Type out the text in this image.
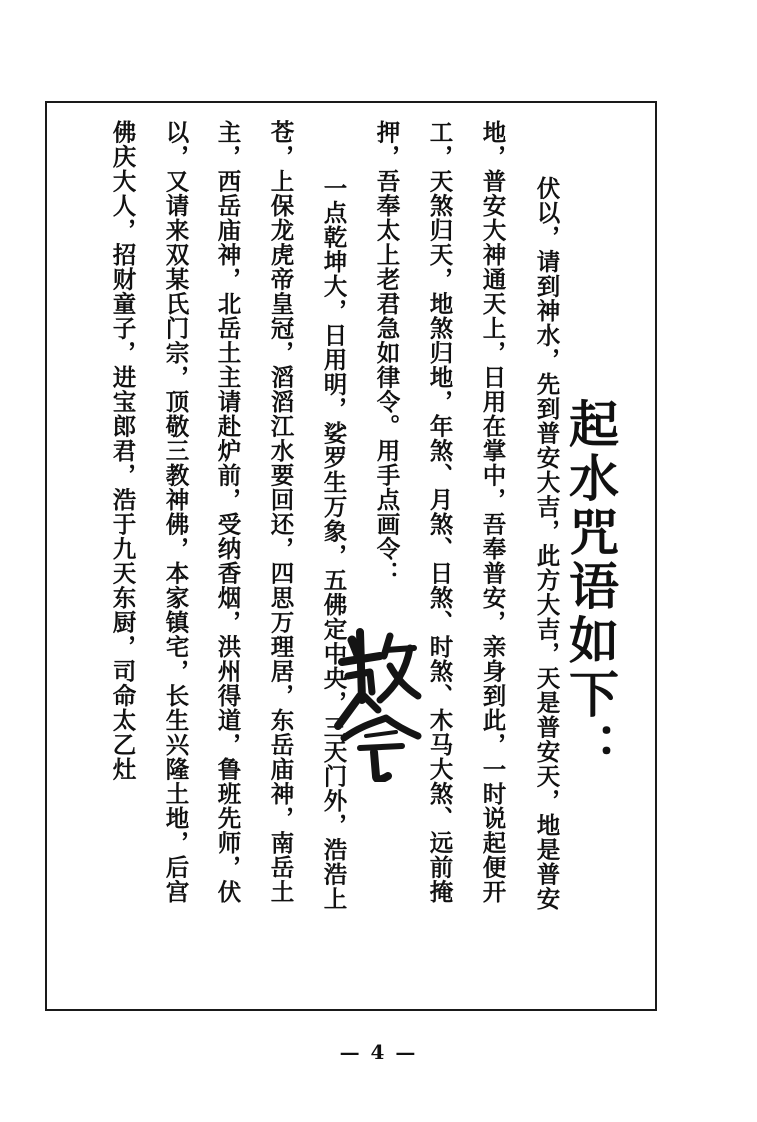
起水咒语如下：
伏以，请到神水，先到普安大吉，此方大吉，天是普安天，地是普安
地，普安大神通天上，日用在掌中，吾奉普安，亲身到此，一时说起便开
工，天煞归天，地煞归地，年煞、月煞、日煞、时煞、木马大煞、远前掩
押，吾奉太上老君急如律令。用手点画令：
一点乾坤大，日用明，娑罗生万象，五佛定中央，三天门外，浩浩上
苍，上保龙虎帝皇冠，滔滔江水要回还，四思万理居，东岳庙神，南岳土
主，西岳庙神，北岳土主请赴炉前，受纳香烟，洪州得道，鲁班先师，伏
以，又请来双某氏门宗，顶敬三教神佛，本家镇宅，长生兴隆土地，后宫
佛庆大人，招财童子，进宝郎君，浩于九天东厨，司命太乙灶
— 4 —
